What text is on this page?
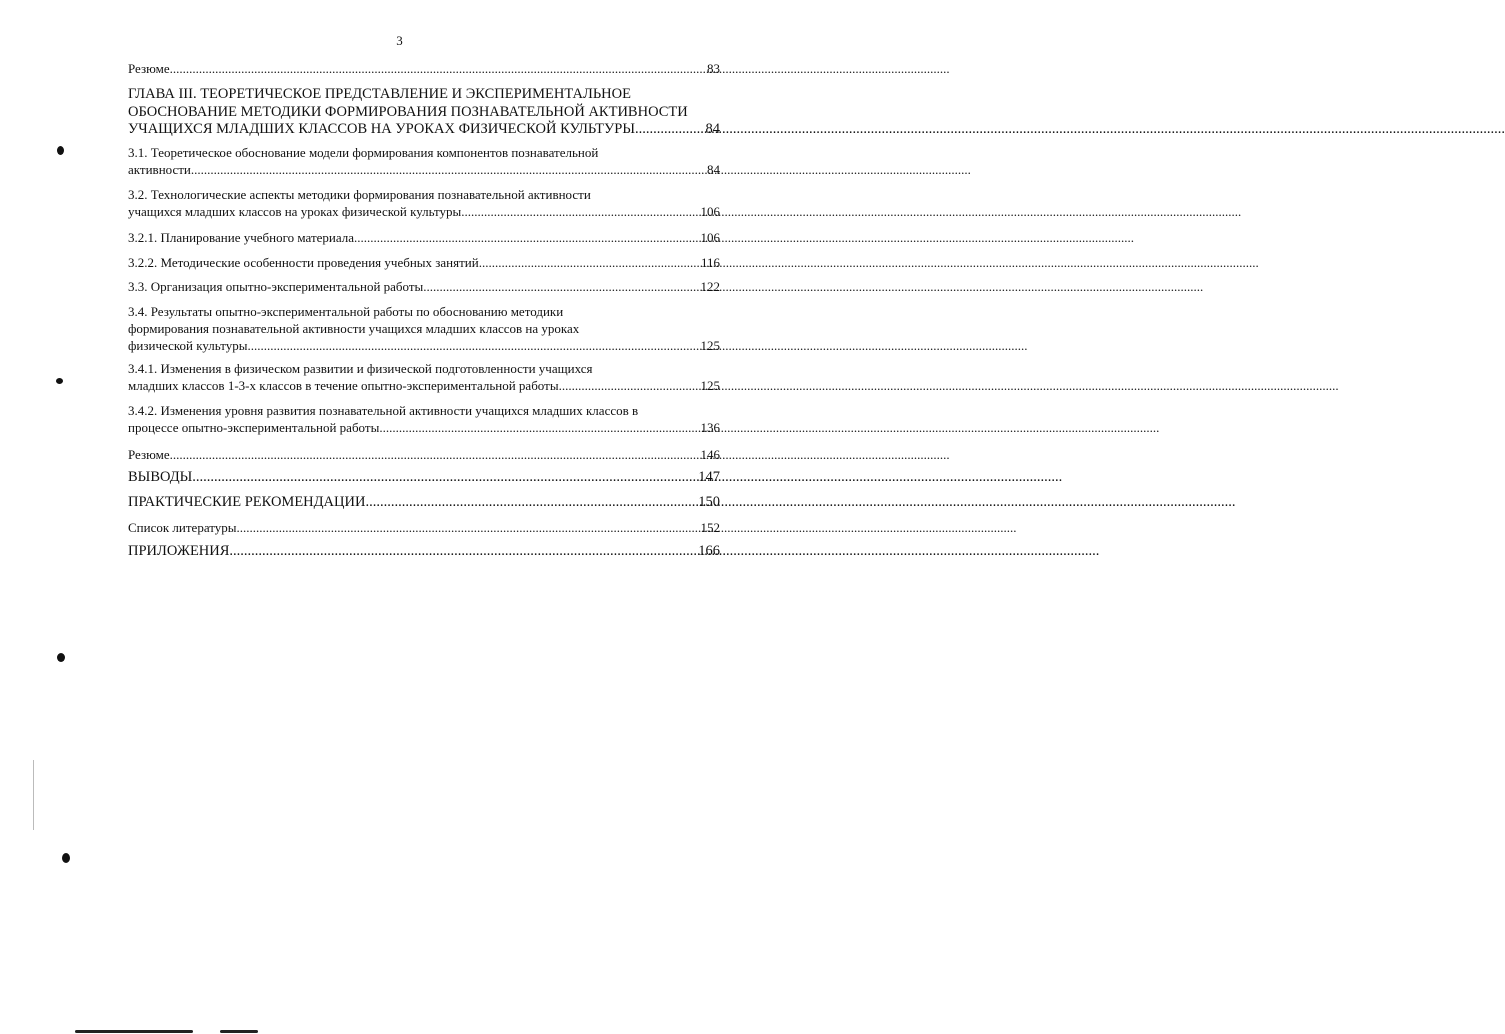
3
Резюме .....	83
ГЛАВА III. ТЕОРЕТИЧЕСКОЕ ПРЕДСТАВЛЕНИЕ И ЭКСПЕРИМЕНТАЛЬНОЕ
ОБОСНОВАНИЕ МЕТОДИКИ ФОРМИРОВАНИЯ ПОЗНАВАТЕЛЬНОЙ АКТИВНОСТИ
УЧАЩИХСЯ МЛАДШИХ КЛАССОВ НА УРОКАХ ФИЗИЧЕСКОЙ КУЛЬТУРЫ .....	84
3.1. Теоретическое обоснование модели формирования компонентов познавательной
активности .....	84
3.2. Технологические аспекты методики формирования познавательной активности
учащихся младших классов на уроках физической культуры .....	106
3.2.1. Планирование учебного материала .....	106
3.2.2. Методические особенности проведения учебных занятий .....	116
3.3. Организация опытно-экспериментальной работы .....	122
3.4. Результаты опытно-экспериментальной работы по обоснованию методики
формирования познавательной активности учащихся младших классов на уроках
физической культуры .....	125
3.4.1. Изменения в физическом развитии и физической подготовленности учащихся
младших классов 1-3-х классов в течение опытно-экспериментальной работы .....	125
3.4.2. Изменения уровня развития познавательной активности учащихся младших классов в
процессе опытно-экспериментальной работы .....	136
Резюме .....	146
ВЫВОДЫ .....	147
ПРАКТИЧЕСКИЕ РЕКОМЕНДАЦИИ .....	150
Список литературы .....	152
ПРИЛОЖЕНИЯ .....	166
